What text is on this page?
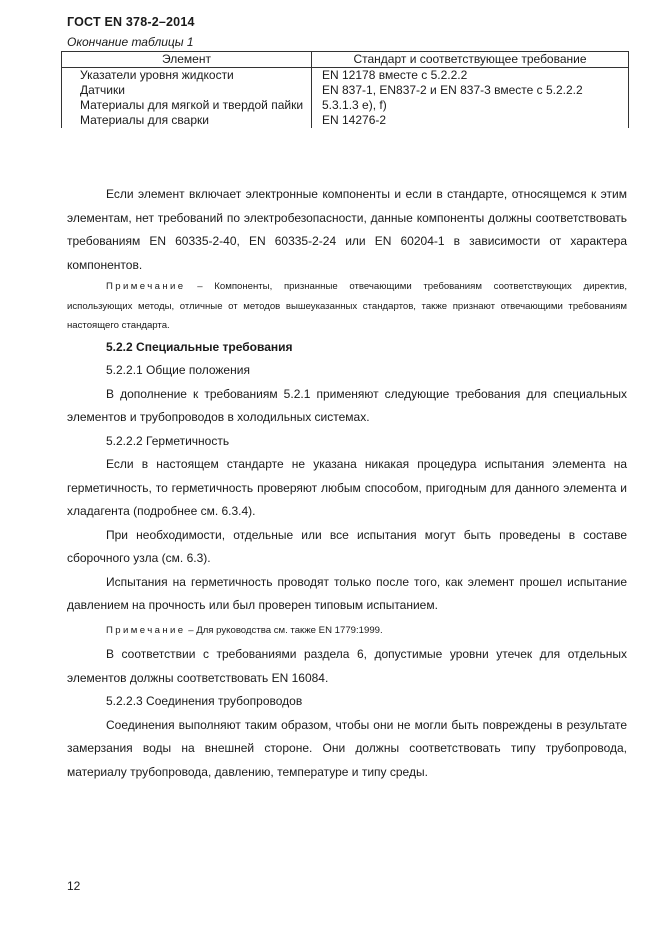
ГОСТ EN 378-2–2014
Окончание таблицы 1
Элемент	Стандарт и соответствующее требование
Указатели уровня жидкости	EN 12178 вместе с 5.2.2.2
Датчики	EN 837-1, EN837-2 и EN 837-3 вместе с 5.2.2.2
Материалы для мягкой и твердой пайки	5.3.1.3 e), f)
Материалы для сварки	EN 14276-2

Если элемент включает электронные компоненты и если в стандарте, относящемся к этим элементам, нет требований по электробезопасности, данные компоненты должны соответствовать требованиям EN 60335-2-40, EN 60335-2-24 или EN 60204-1 в зависимости от характера компонентов.

Примечание – Компоненты, признанные отвечающими требованиям соответствующих директив, использующих методы, отличные от методов вышеуказанных стандартов, также признают отвечающими требованиям настоящего стандарта.

5.2.2 Специальные требования

5.2.2.1 Общие положения

В дополнение к требованиям 5.2.1 применяют следующие требования для специальных элементов и трубопроводов в холодильных системах.

5.2.2.2 Герметичность

Если в настоящем стандарте не указана никакая процедура испытания элемента на герметичность, то герметичность проверяют любым способом, пригодным для данного элемента и хладагента (подробнее см. 6.3.4).

При необходимости, отдельные или все испытания могут быть проведены в составе сборочного узла (см. 6.3).

Испытания на герметичность проводят только после того, как элемент прошел испытание давлением на прочность или был проверен типовым испытанием.

Примечание – Для руководства см. также EN 1779:1999.

В соответствии с требованиями раздела 6, допустимые уровни утечек для отдельных элементов должны соответствовать EN 16084.

5.2.2.3 Соединения трубопроводов

Соединения выполняют таким образом, чтобы они не могли быть повреждены в результате замерзания воды на внешней стороне. Они должны соответствовать типу трубопровода, материалу трубопровода, давлению, температуре и типу среды.

12
